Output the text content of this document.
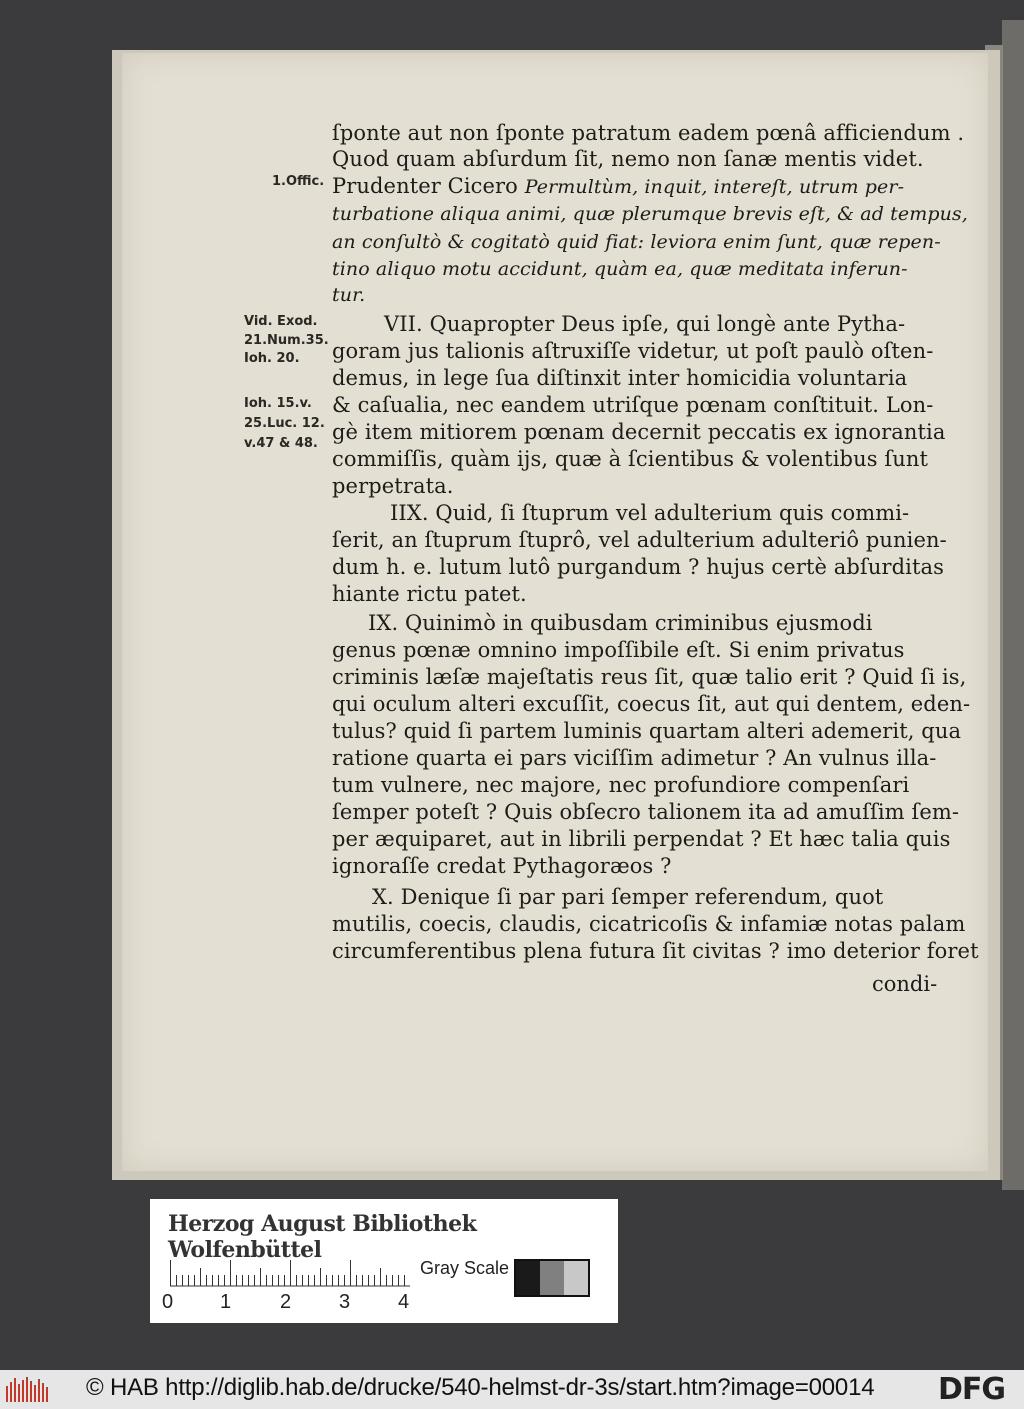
ſponte aut non ſponte patratum eadem pœnâ afficiendum .
Quod quam abſurdum ſit, nemo non ſanæ mentis videt.
Prudenter Cicero Permultùm, inquit, intereſt, utrum per-
turbatione aliqua animi, quæ plerumque brevis eſt, & ad tempus,
an conſultò & cogitatò quid fiat: leviora enim ſunt, quæ repen-
tino aliquo motu accidunt, quàm ea, quæ meditata inferun-
tur.
VII. Quapropter Deus ipſe, qui longè ante Pytha-
goram jus talionis aſtruxiſſe videtur, ut poſt paulò oſten-
demus, in lege ſua diſtinxit inter homicidia voluntaria
& caſualia, nec eandem utriſque pœnam conſtituit. Lon-
gè item mitiorem pœnam decernit peccatis ex ignorantia
commiſſis, quàm ijs, quæ à ſcientibus & volentibus ſunt
perpetrata.
IIX. Quid, ſi ſtuprum vel adulterium quis commi-
ſerit, an ſtuprum ſtuprô, vel adulterium adulteriô punien-
dum h. e. lutum lutô purgandum ? hujus certè abſurditas
hiante rictu patet.
IX. Quinimò in quibusdam criminibus ejusmodi
genus pœnæ omnino impoſſibile eſt. Si enim privatus
criminis læſæ majeſtatis reus ſit, quæ talio erit ? Quid ſi is,
qui oculum alteri excuſſit, coecus ſit, aut qui dentem, eden-
tulus? quid ſi partem luminis quartam alteri ademerit, qua
ratione quarta ei pars viciſſim adimetur ? An vulnus illa-
tum vulnere, nec majore, nec profundiore compenſari
ſemper poteſt ? Quis obſecro talionem ita ad amuſſim ſem-
per æquiparet, aut in librili perpendat ? Et hæc talia quis
ignoraſſe credat Pythagoræos ?
X. Denique ſi par pari ſemper referendum, quot
mutilis, coecis, claudis, cicatricoſis & infamiæ notas palam
circumferentibus plena futura ſit civitas ? imo deterior foret
condi-
1.Offic.
Vid. Exod.
21.Num.35.
Ioh. 20.
Ioh. 15.v.
25.Luc. 12.
v.47 & 48.
Herzog August Bibliothek Wolfenbüttel
0 1 2 3 4
Gray Scale
© HAB http://diglib.hab.de/drucke/540-helmst-dr-3s/start.htm?image=00014 DFG
